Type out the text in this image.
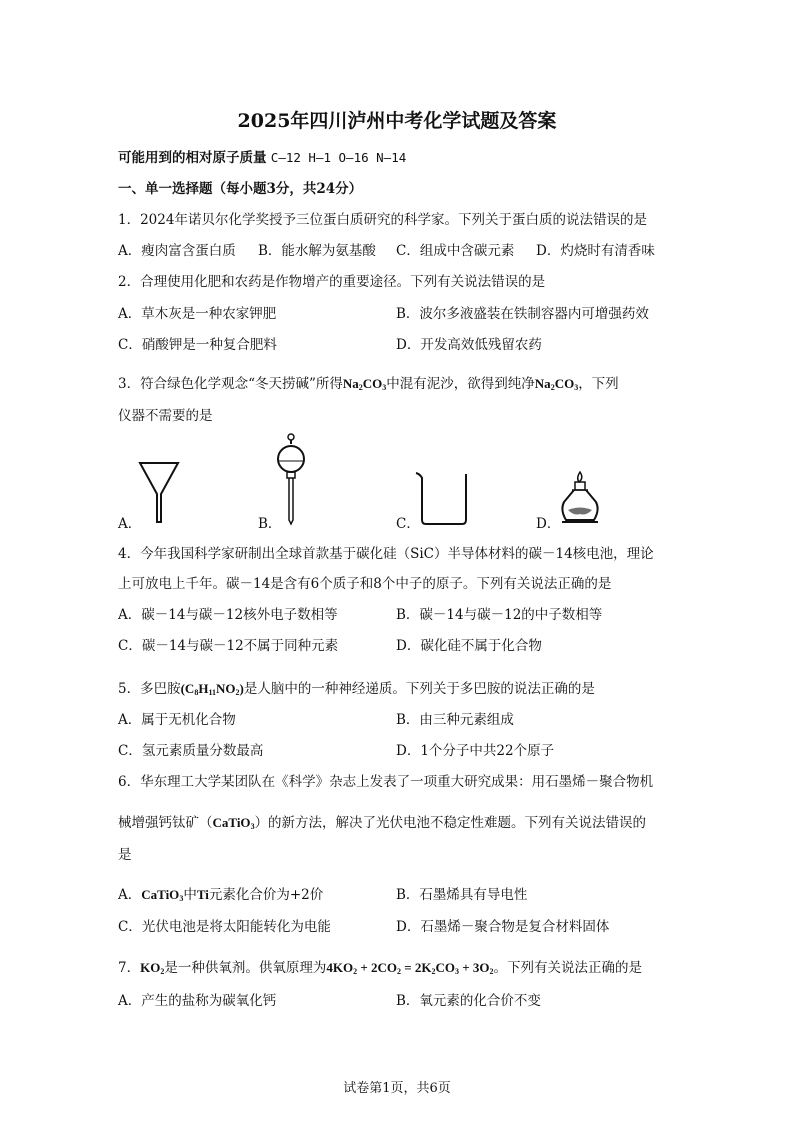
2025年四川泸州中考化学试题及答案
可能用到的相对原子质量 C—12 H—1 O—16 N—14
一、单一选择题（每小题3分，共24分）
1．2024年诺贝尔化学奖授予三位蛋白质研究的科学家。下列关于蛋白质的说法错误的是
A．瘦肉富含蛋白质 B．能水解为氨基酸 C．组成中含碳元素 D．灼烧时有清香味
2．合理使用化肥和农药是作物增产的重要途径。下列有关说法错误的是
A．草木灰是一种农家钾肥	B．波尔多液盛装在铁制容器内可增强药效
C．硝酸钾是一种复合肥料	D．开发高效低残留农药
3．符合绿色化学观念“冬天捞碱”所得$Na_2CO_3$中混有泥沙，欲得到纯净$Na_2CO_3$，下列
仪器不需要的是
A．	B．	C．	D．
4．今年我国科学家研制出全球首款基于碳化硅（SiC）半导体材料的碳－14核电池，理论
上可放电上千年。碳－14是含有6个质子和8个中子的原子。下列有关说法正确的是
A．碳－14与碳－12核外电子数相等	B．碳－14与碳－12的中子数相等
C．碳－14与碳－12不属于同种元素	D．碳化硅不属于化合物
5．多巴胺$(C_8H_{11}NO_2)$是人脑中的一种神经递质。下列关于多巴胺的说法正确的是
A．属于无机化合物	B．由三种元素组成
C．氢元素质量分数最高	D．1个分子中共22个原子
6．华东理工大学某团队在《科学》杂志上发表了一项重大研究成果：用石墨烯－聚合物机
械增强钙钛矿（CaTiO$_3$）的新方法，解决了光伏电池不稳定性难题。下列有关说法错误的
是
A．CaTiO$_3$中Ti元素化合价为+2价	B．石墨烯具有导电性
C．光伏电池是将太阳能转化为电能	D．石墨烯－聚合物是复合材料固体
7．$KO_2$是一种供氧剂。供氧原理为$4KO_2 + 2CO_2 = 2K_2CO_3 + 3O_2$。下列有关说法正确的是
A．产生的盐称为碳氧化钙	B．氧元素的化合价不变
试卷第1页，共6页
